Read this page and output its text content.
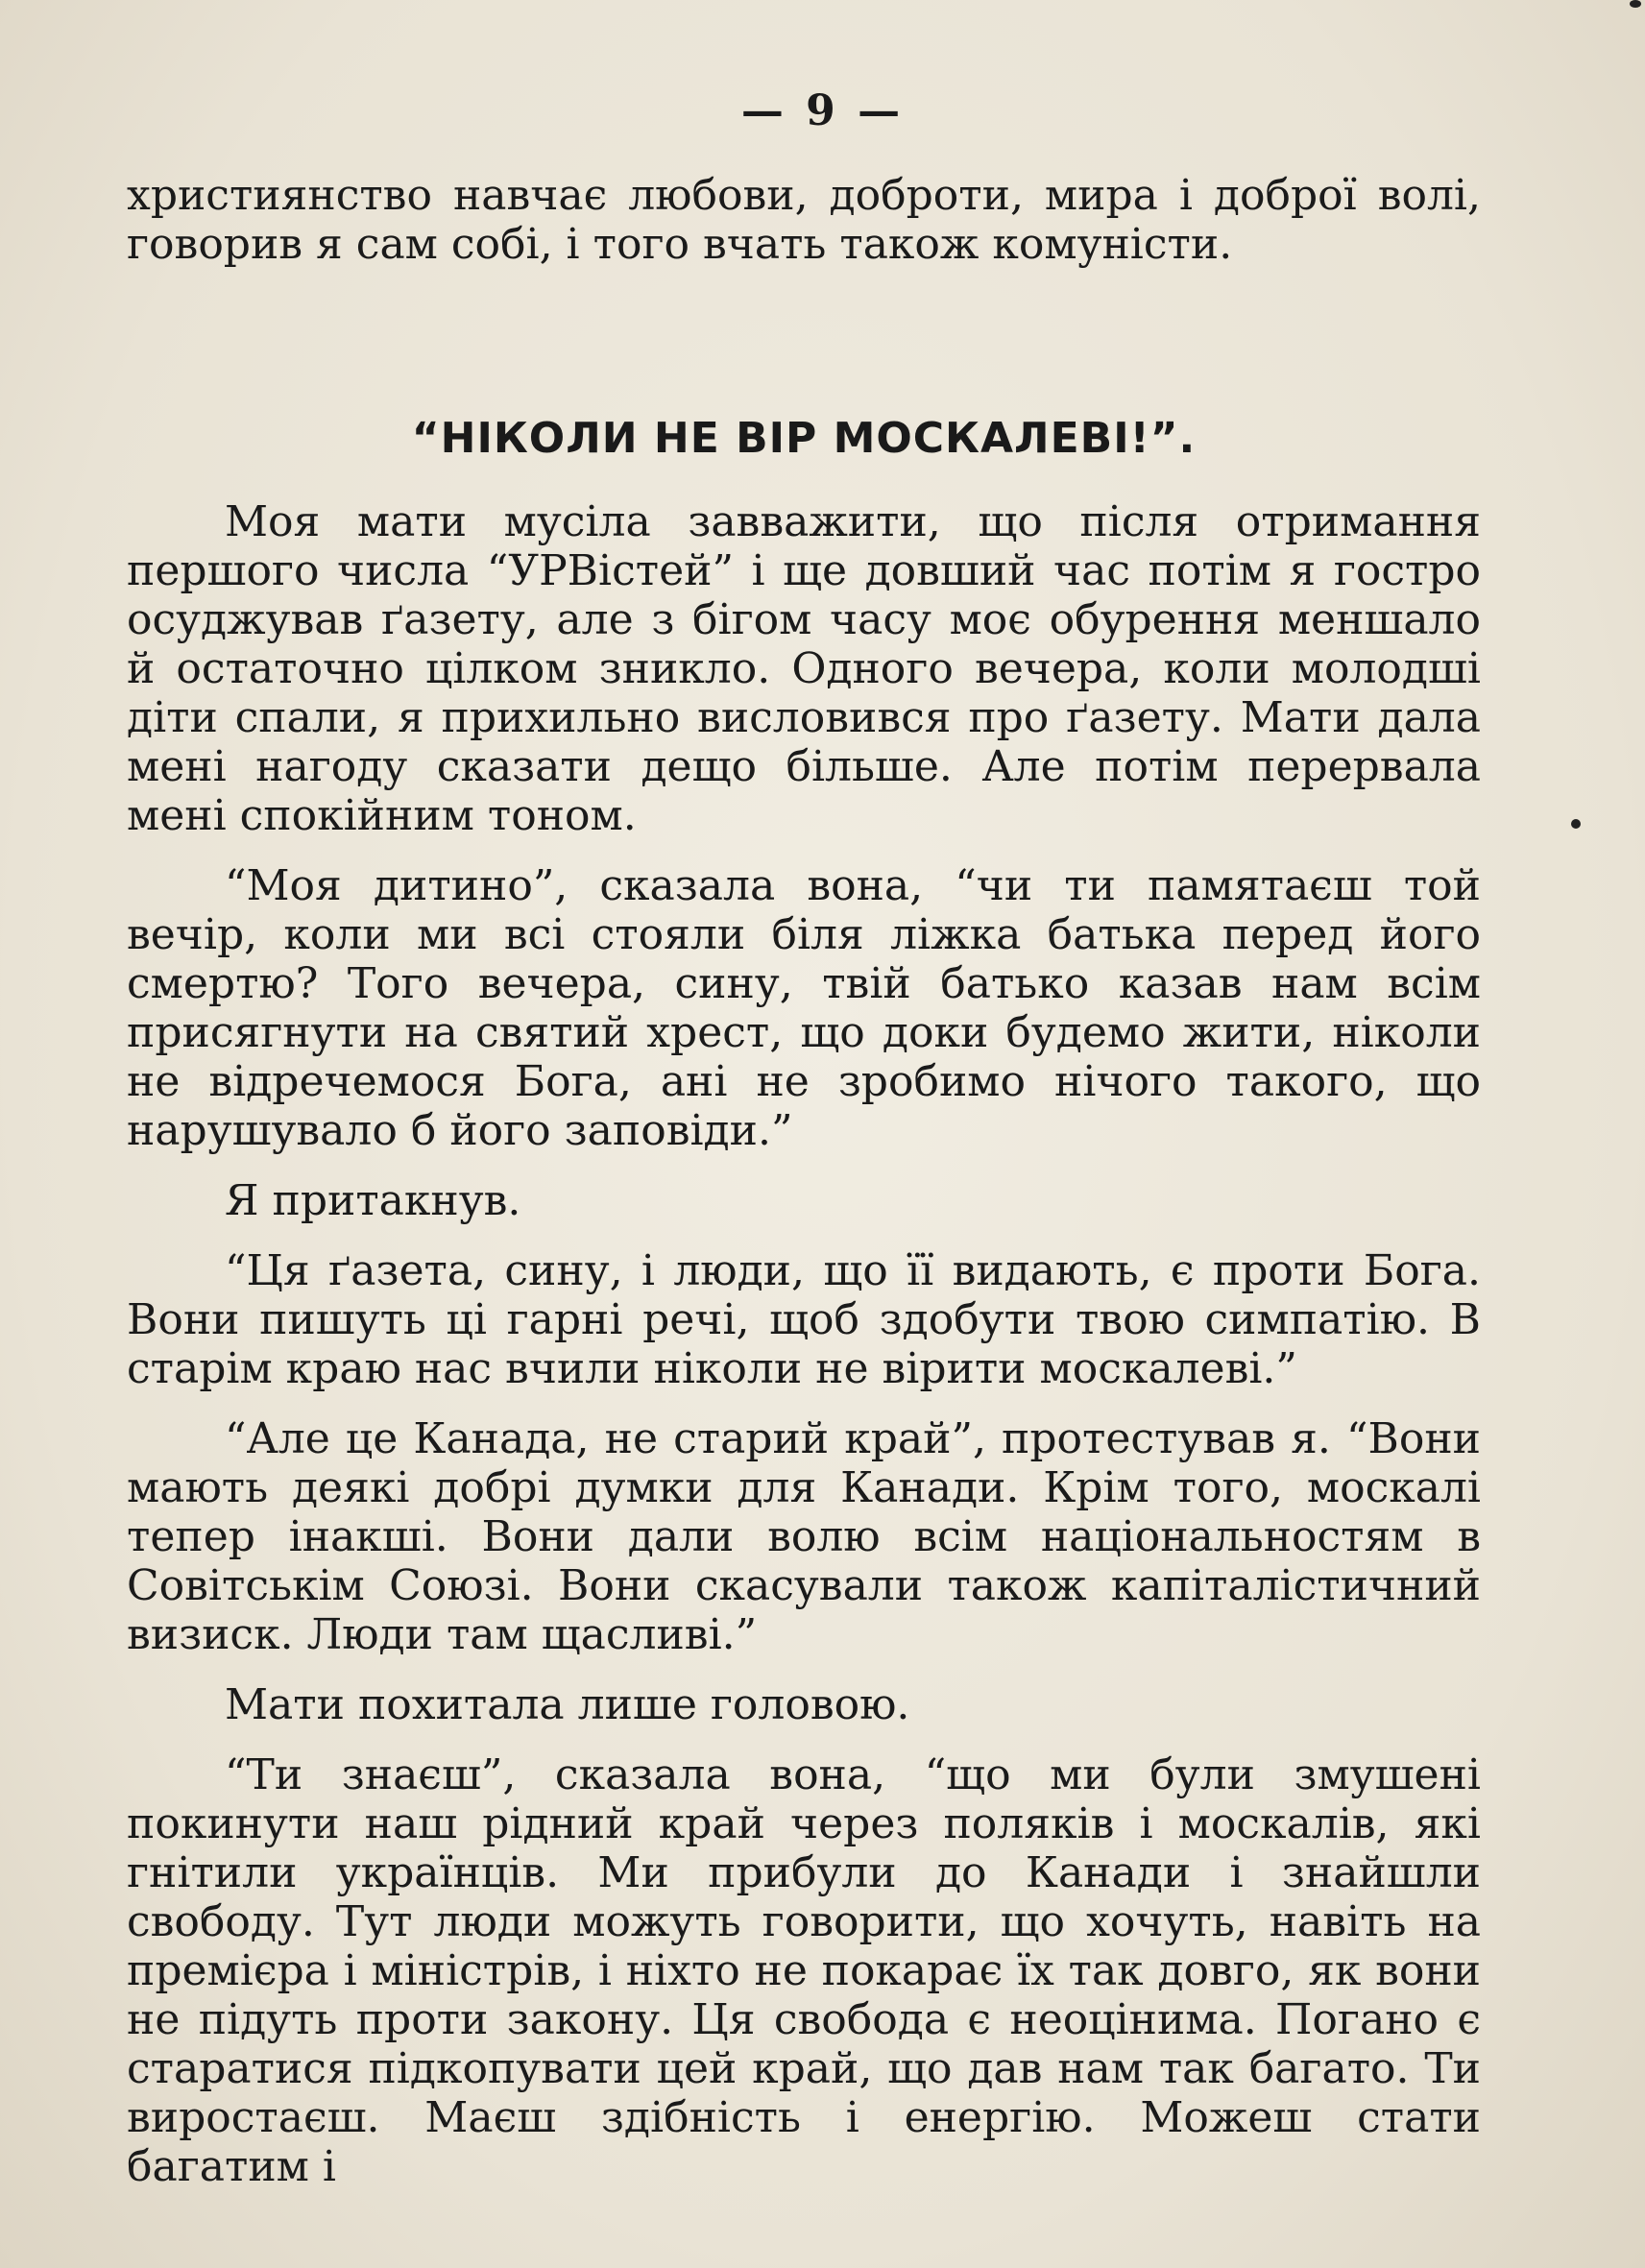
— 9 —

християнство навчає любови, доброти, мира і доброї волі, говорив я сам собі, і того вчать також комуністи.

“НІКОЛИ НЕ ВІР МОСКАЛЕВІ!”.

Моя мати мусіла завважити, що після отримання першого числа “УРВістей” і ще довший час потім я гостро осуджував ґазету, але з бігом часу моє обурення меншало й остаточно цілком зникло. Одного вечера, коли молодші діти спали, я прихильно висловився про ґазету. Мати дала мені нагоду сказати дещо більше. Але потім перервала мені спокійним тоном.

“Моя дитино”, сказала вона, “чи ти памятаєш той вечір, коли ми всі стояли біля ліжка батька перед його смертю? Того вечера, сину, твій батько казав нам всім присягнути на святий хрест, що доки будемо жити, ніколи не відречемося Бога, ані не зробимо нічого такого, що нарушувало б його заповіди.”

Я притакнув.

“Ця ґазета, сину, і люди, що її видають, є проти Бога. Вони пишуть ці гарні речі, щоб здобути твою симпатію. В старім краю нас вчили ніколи не вірити москалеві.”

“Але це Канада, не старий край”, протестував я. “Вони мають деякі добрі думки для Канади. Крім того, москалі тепер інакші. Вони дали волю всім національностям в Совітськім Союзі. Вони скасували також капіталістичний визиск. Люди там щасливі.”

Мати похитала лише головою.

“Ти знаєш”, сказала вона, “що ми були змушені покинути наш рідний край через поляків і москалів, які гнітили українців. Ми прибули до Канади і знайшли свободу. Тут люди можуть говорити, що хочуть, навіть на премієра і міністрів, і ніхто не покарає їх так довго, як вони не підуть проти закону. Ця свобода є неоцінима. Погано є старатися підкопувати цей край, що дав нам так багато. Ти виростаєш. Маєш здібність і енергію. Можеш стати багатим і
